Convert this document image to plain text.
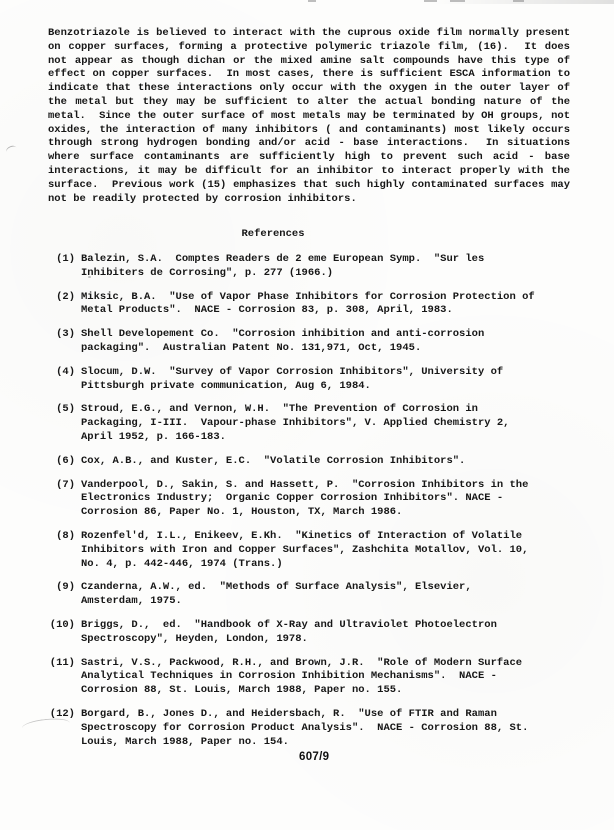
Benzotriazole is believed to interact with the cuprous oxide film normally present on copper surfaces, forming a protective polymeric triazole film, (16).  It does not appear as though dichan or the mixed amine salt compounds have this type of effect on copper surfaces.  In most cases, there is sufficient ESCA information to indicate that these interactions only occur with the oxygen in the outer layer of the metal but they may be sufficient to alter the actual bonding nature of the metal.  Since the outer surface of most metals may be terminated by OH groups, not oxides, the interaction of many inhibitors ( and contaminants) most likely occurs through strong hydrogen bonding and/or acid - base interactions.  In situations where surface contaminants are sufficiently high to prevent such acid - base interactions, it may be difficult for an inhibitor to interact properly with the surface.  Previous work (15) emphasizes that such highly contaminated surfaces may not be readily protected by corrosion inhibitors.

References
(1) Balezin, S.A.  Comptes Readers de 2 eme European Symp.  "Sur les Inhibiters de Corrosing", p. 277 (1966.)
(2) Miksic, B.A.  "Use of Vapor Phase Inhibitors for Corrosion Protection of Metal Products".  NACE - Corrosion 83, p. 308, April, 1983.
(3) Shell Developement Co.  "Corrosion inhibition and anti-corrosion packaging".  Australian Patent No. 131,971, Oct, 1945.
(4) Slocum, D.W.  "Survey of Vapor Corrosion Inhibitors", University of Pittsburgh private communication, Aug 6, 1984.
(5) Stroud, E.G., and Vernon, W.H.  "The Prevention of Corrosion in Packaging, I-III.  Vapour-phase Inhibitors", V. Applied Chemistry 2, April 1952, p. 166-183.
(6) Cox, A.B., and Kuster, E.C.  "Volatile Corrosion Inhibitors".
(7) Vanderpool, D., Sakin, S. and Hassett, P.  "Corrosion Inhibitors in the Electronics Industry;  Organic Copper Corrosion Inhibitors". NACE - Corrosion 86, Paper No. 1, Houston, TX, March 1986.
(8) Rozenfel'd, I.L., Enikeev, E.Kh.  "Kinetics of Interaction of Volatile Inhibitors with Iron and Copper Surfaces", Zashchita Motallov, Vol. 10, No. 4, p. 442-446, 1974 (Trans.)
(9) Czanderna, A.W., ed.  "Methods of Surface Analysis", Elsevier, Amsterdam, 1975.
(10) Briggs, D.,  ed.  "Handbook of X-Ray and Ultraviolet Photoelectron Spectroscopy", Heyden, London, 1978.
(11) Sastri, V.S., Packwood, R.H., and Brown, J.R.  "Role of Modern Surface Analytical Techniques in Corrosion Inhibition Mechanisms".  NACE - Corrosion 88, St. Louis, March 1988, Paper no. 155.
(12) Borgard, B., Jones D., and Heidersbach, R.  "Use of FTIR and Raman Spectroscopy for Corrosion Product Analysis".  NACE - Corrosion 88, St. Louis, March 1988, Paper no. 154.
607/9
